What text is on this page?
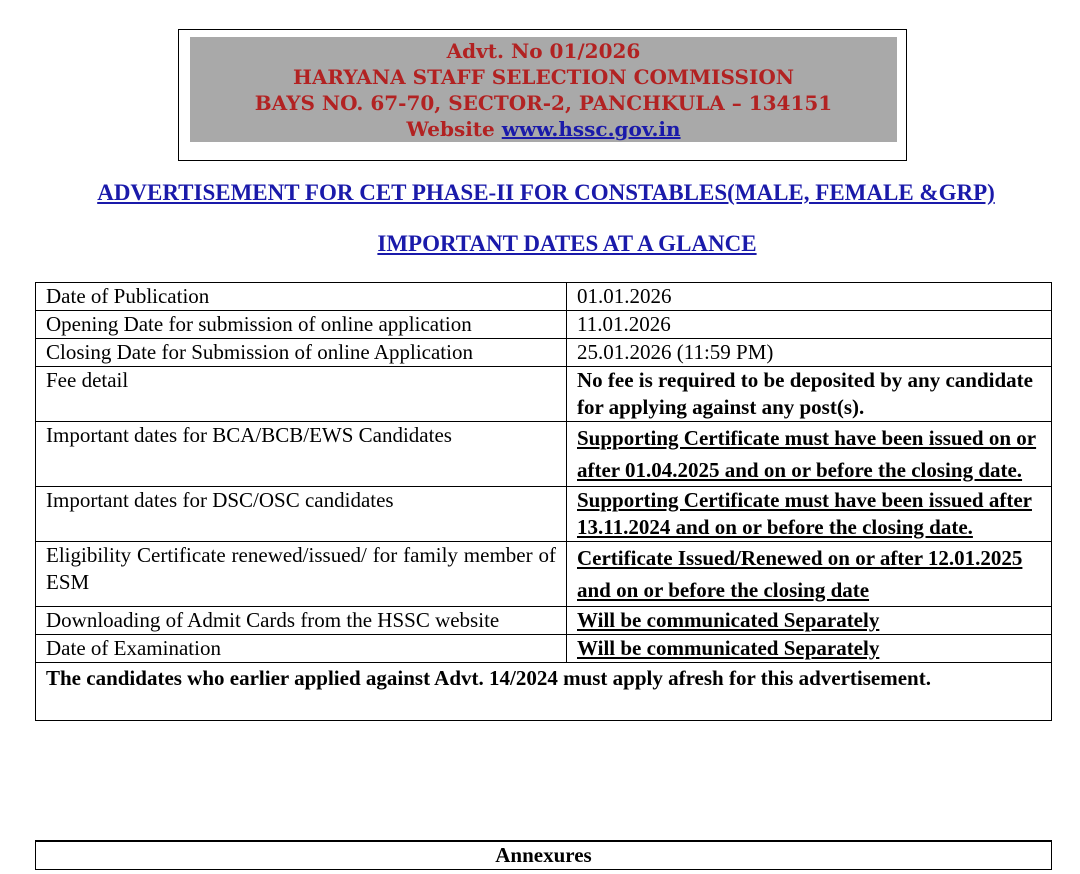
Advt. No 01/2026
HARYANA STAFF SELECTION COMMISSION
BAYS NO. 67-70, SECTOR-2, PANCHKULA – 134151
Website www.hssc.gov.in
ADVERTISEMENT FOR CET PHASE-II FOR CONSTABLES(MALE, FEMALE &GRP)
IMPORTANT DATES AT A GLANCE
Date of Publication	01.01.2026
Opening Date for submission of online application	11.01.2026
Closing Date for Submission of online Application	25.01.2026 (11:59 PM)
Fee detail	No fee is required to be deposited by any candidate for applying against any post(s).
Important dates for BCA/BCB/EWS Candidates	Supporting Certificate must have been issued on or after 01.04.2025 and on or before the closing date.

Important dates for DSC/OSC candidates	Supporting Certificate must have been issued after 13.11.2024 and on or before the closing date.

Eligibility Certificate renewed/issued/ for family member of ESM	Certificate Issued/Renewed on or after 12.01.2025 and on or before the closing date

Downloading of Admit Cards from the HSSC website	Will be communicated Separately
Date of Examination	Will be communicated Separately
The candidates who earlier applied against Advt. 14/2024 must apply afresh for this advertisement.	
Annexures
